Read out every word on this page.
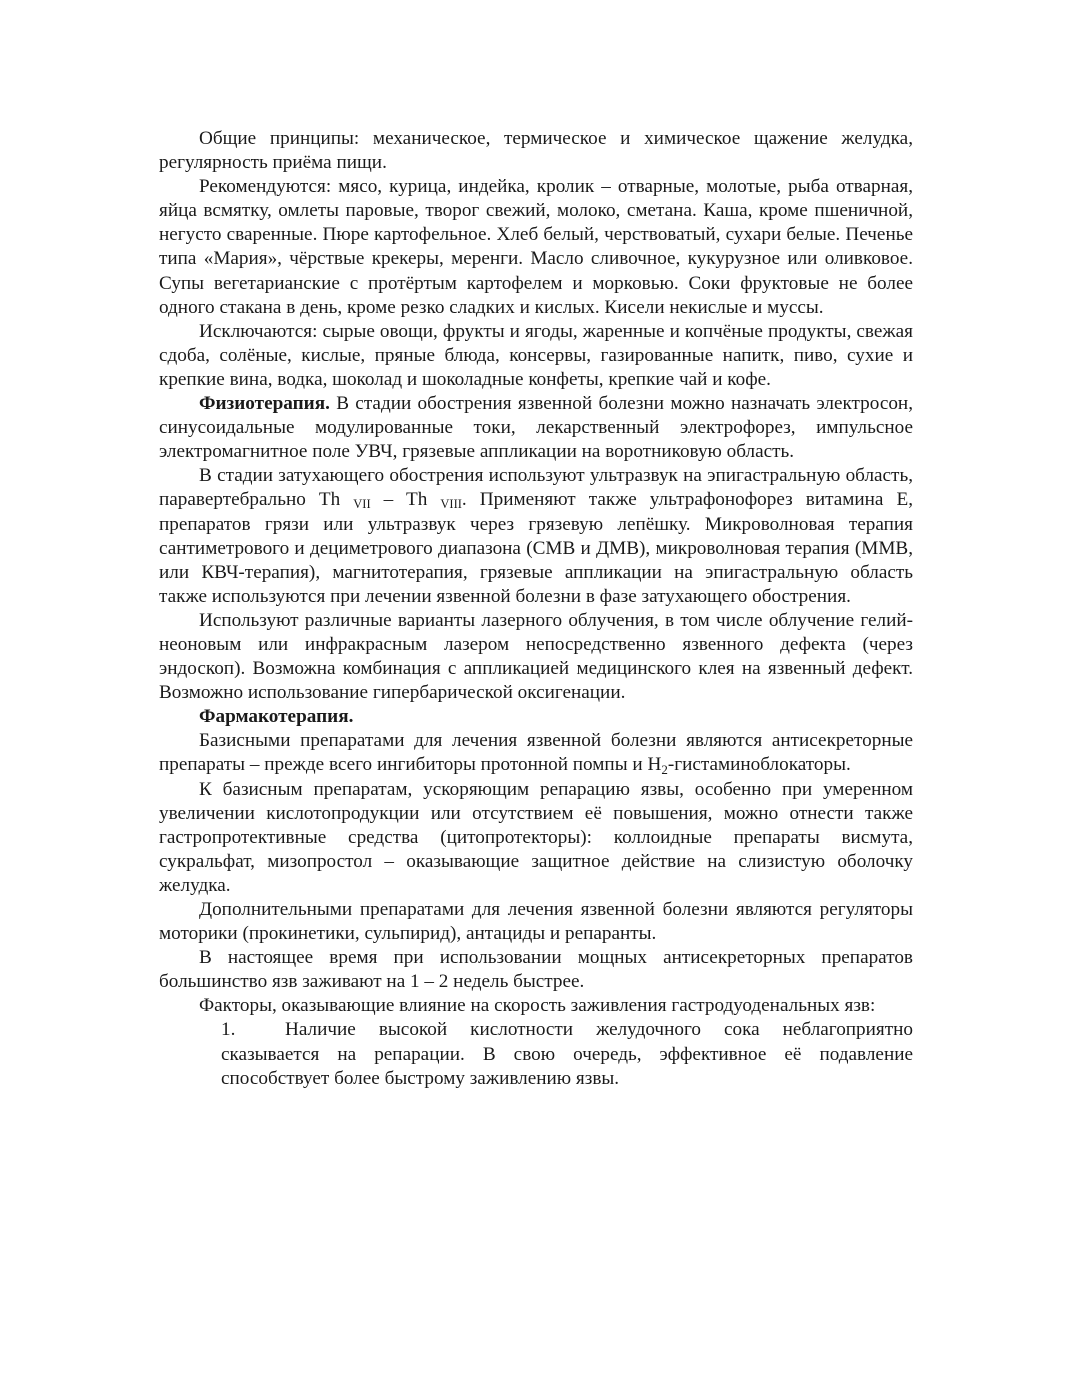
Общие принципы: механическое, термическое и химическое щажение желудка, регулярность приёма пищи.

Рекомендуются: мясо, курица, индейка, кролик – отварные, молотые, рыба отварная, яйца всмятку, омлеты паровые, творог свежий, молоко, сметана. Каша, кроме пшеничной, негусто сваренные. Пюре картофельное. Хлеб белый, черствоватый, сухари белые. Печенье типа «Мария», чёрствые крекеры, меренги. Масло сливочное, кукурузное или оливковое. Супы вегетарианские с протёртым картофелем и морковью. Соки фруктовые не более одного стакана в день, кроме резко сладких и кислых. Кисели некислые и муссы.

Исключаются: сырые овощи, фрукты и ягоды, жаренные и копчёные продукты, свежая сдоба, солёные, кислые, пряные блюда, консервы, газированные напитк, пиво, сухие и крепкие вина, водка, шоколад и шоколадные конфеты, крепкие чай и кофе.

Физиотерапия. В стадии обострения язвенной болезни можно назначать электросон, синусоидальные модулированные токи, лекарственный электрофорез, импульсное электромагнитное поле УВЧ, грязевые аппликации на воротниковую область.

В стадии затухающего обострения используют ультразвук на эпигастральную область, паравертебрально Th $_{VII}$ – Th $_{VIII}$. Применяют также ультрафонофорез витамина Е, препаратов грязи или ультразвук через грязевую лепёшку. Микроволновая терапия сантиметрового и дециметрового диапазона (СМВ и ДМВ), микроволновая терапия (ММВ, или КВЧ-терапия), магнитотерапия, грязевые аппликации на эпигастральную область также используются при лечении язвенной болезни в фазе затухающего обострения.

Используют различные варианты лазерного облучения, в том числе облучение гелий-неоновым или инфракрасным лазером непосредственно язвенного дефекта (через эндоскоп). Возможна комбинация с аппликацией медицинского клея на язвенный дефект. Возможно использование гипербарической оксигенации.

Фармакотерапия.

Базисными препаратами для лечения язвенной болезни являются антисекреторные препараты – прежде всего ингибиторы протонной помпы и $Н_2$-гистаминоблокаторы.

К базисным препаратам, ускоряющим репарацию язвы, особенно при умеренном увеличении кислотопродукции или отсутствием её повышения, можно отнести также гастропротективные средства (цитопротекторы): коллоидные препараты висмута, сукральфат, мизопростол – оказывающие защитное действие на слизистую оболочку желудка.

Дополнительными препаратами для лечения язвенной болезни являются регуляторы моторики (прокинетики, сульпирид), антациды и репаранты.

В настоящее время при использовании мощных антисекреторных препаратов большинство язв заживают на 1 – 2 недель быстрее.

Факторы, оказывающие влияние на скорость заживления гастродуоденальных язв:

1.	Наличие высокой кислотности желудочного сока неблагоприятно сказывается на репарации. В свою очередь, эффективное её подавление способствует более быстрому заживлению язвы.
